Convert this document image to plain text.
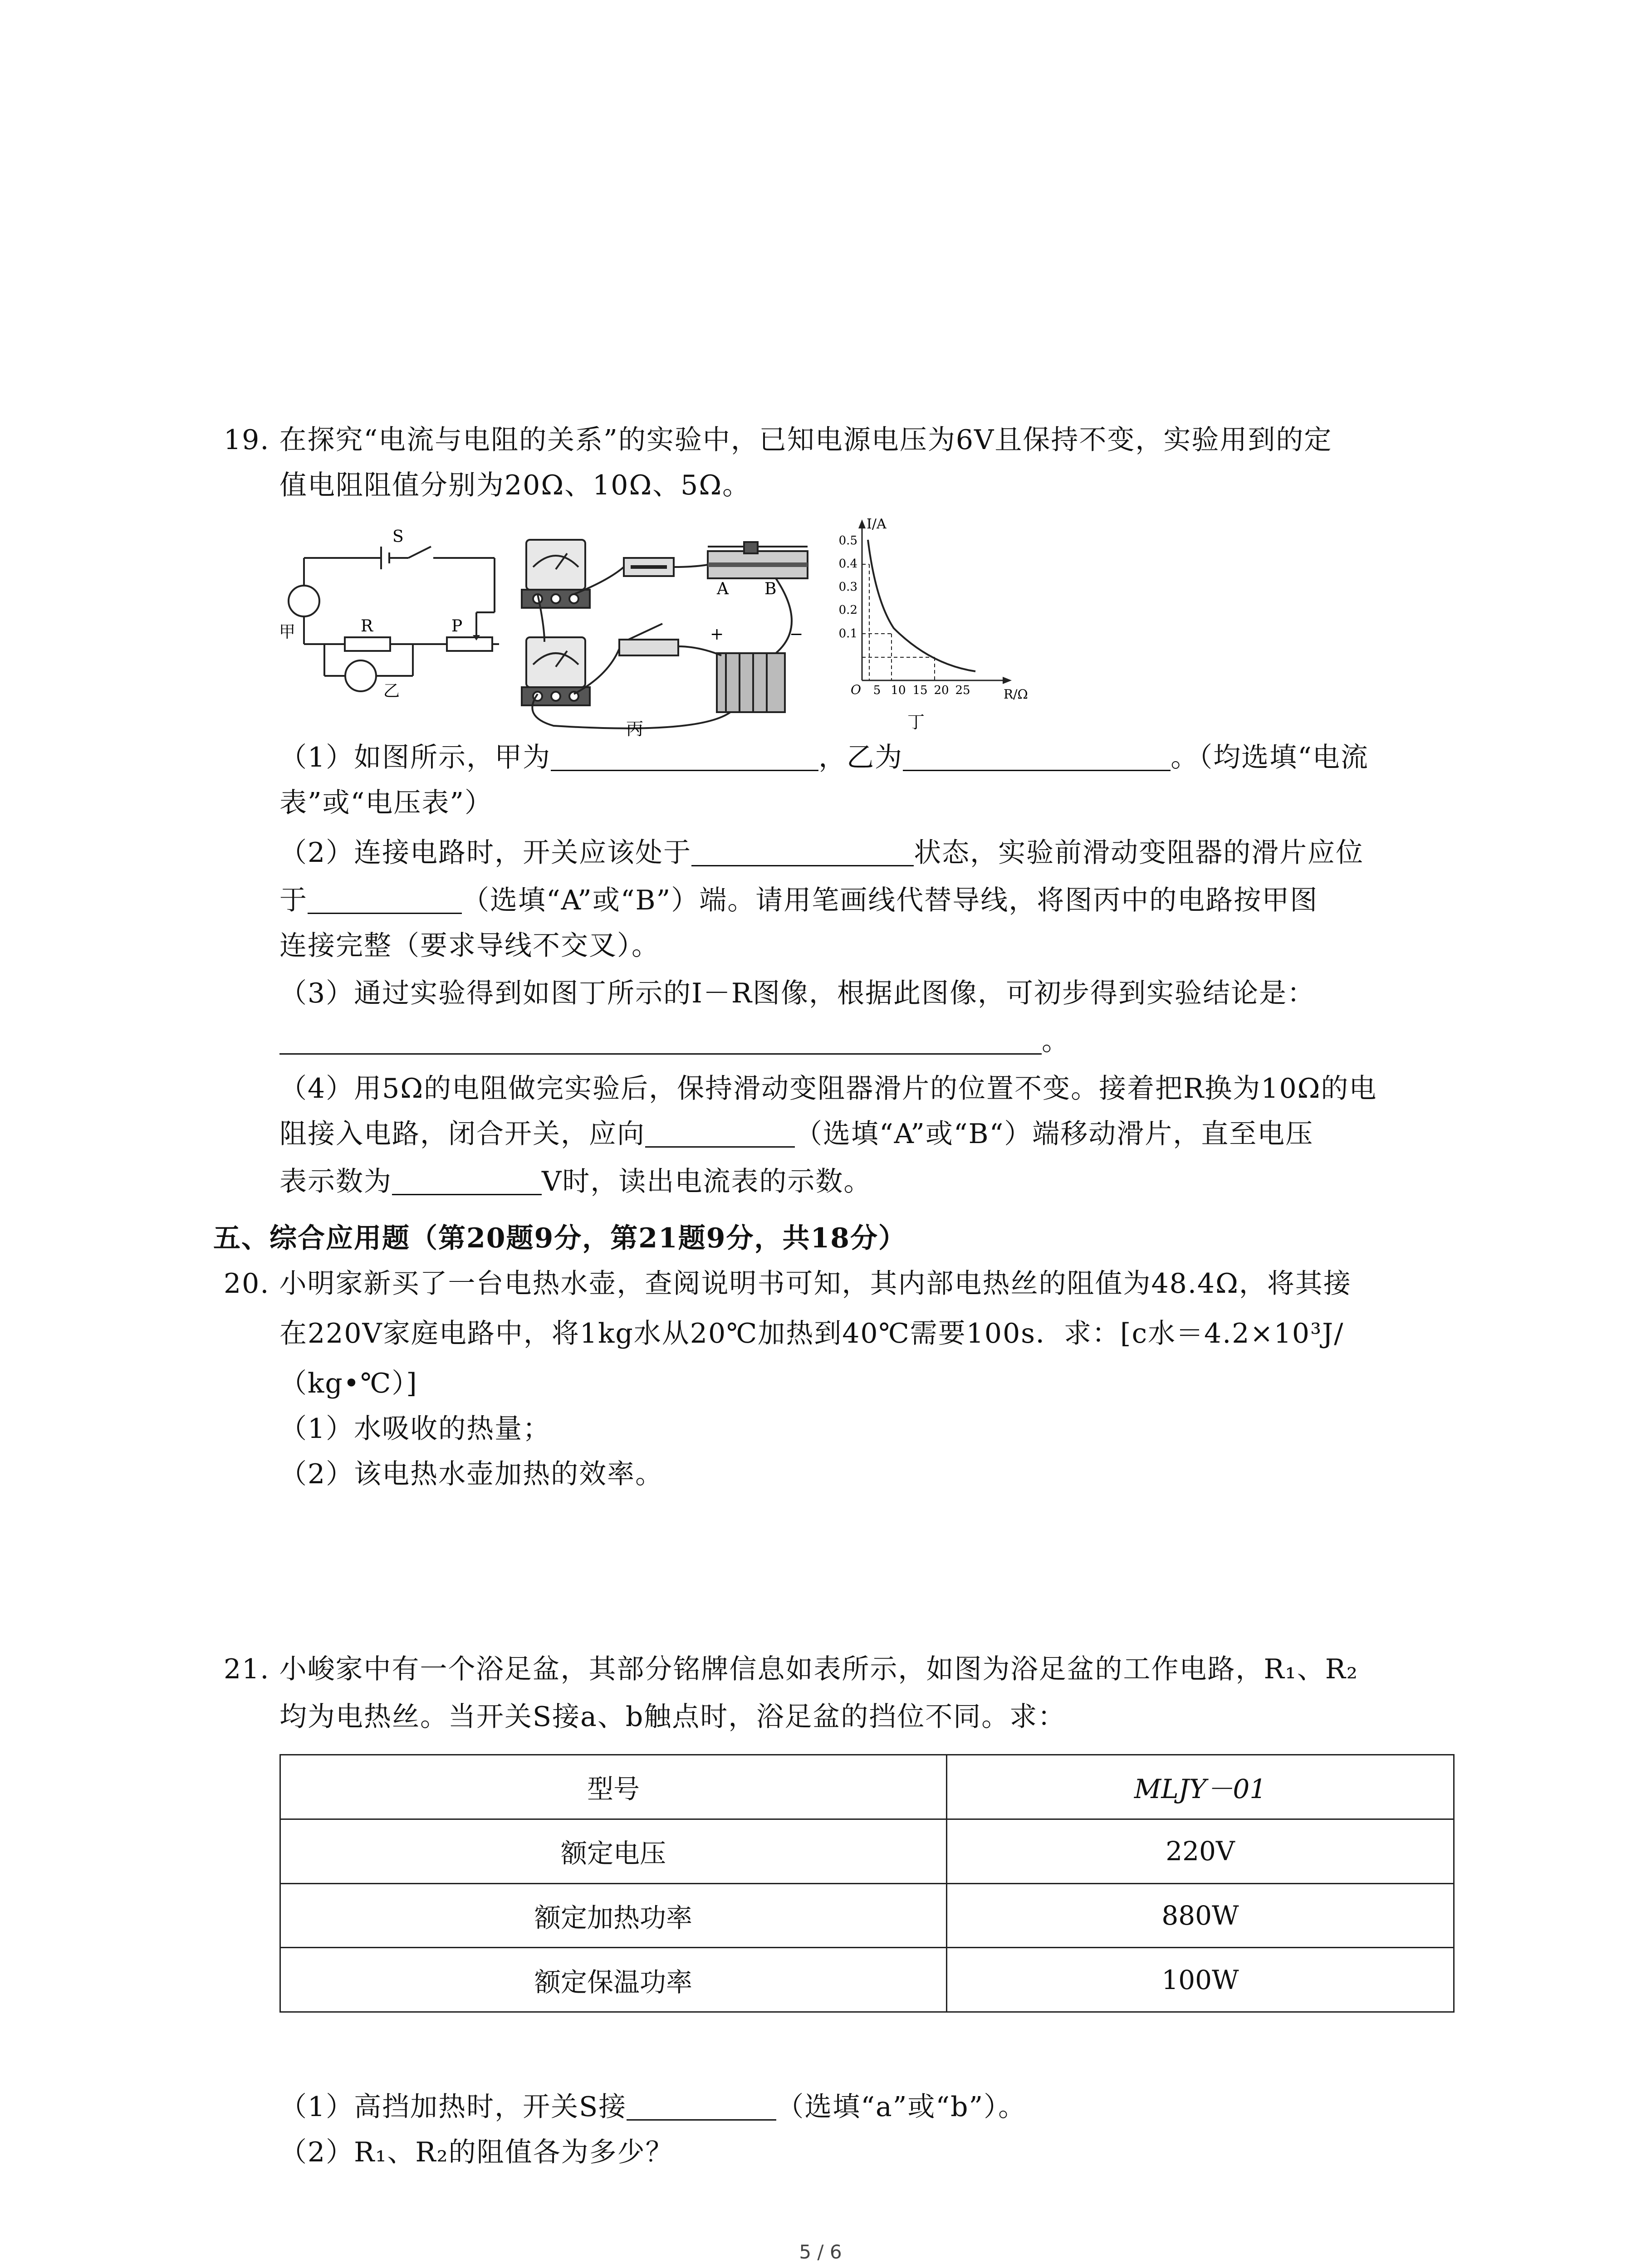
19. 在探究“电流与电阻的关系”的实验中，已知电源电压为6V且保持不变，实验用到的定
值电阻阻值分别为20Ω、10Ω、5Ω。
S
甲	R	P
乙
A B
+	−
丙
I/A
R/Ω
O
0.5
0.4
0.3
0.2
0.1
5 10 15 20 25
丁
（1）如图所示，甲为	，乙为	。（均选填“电流
表”或“电压表”）
（2）连接电路时，开关应该处于	状态，实验前滑动变阻器的滑片应位
于	（选填“A”或“B”）端。请用笔画线代替导线，将图丙中的电路按甲图
连接完整（要求导线不交叉）。
（3）通过实验得到如图丁所示的I－R图像，根据此图像，可初步得到实验结论是：
。
（4）用5Ω的电阻做完实验后，保持滑动变阻器滑片的位置不变。接着把R换为10Ω的电
阻接入电路，闭合开关，应向	（选填“A”或“B“）端移动滑片，直至电压
表示数为	V时，读出电流表的示数。
五、综合应用题（第20题9分，第21题9分，共18分）
20. 小明家新买了一台电热水壶，查阅说明书可知，其内部电热丝的阻值为48.4Ω，将其接
在220V家庭电路中，将1kg水从20℃加热到40℃需要100s．求：[c水＝4.2×10³J/
（kg•℃）]
（1）水吸收的热量；
（2）该电热水壶加热的效率。
21. 小峻家中有一个浴足盆，其部分铭牌信息如表所示，如图为浴足盆的工作电路，R₁、R₂
均为电热丝。当开关S接a、b触点时，浴足盆的挡位不同。求：
型号	MLJY－01
额定电压	220V
额定加热功率	880W
额定保温功率	100W
（1）高挡加热时，开关S接	（选填“a”或“b”）。
（2）R₁、R₂的阻值各为多少？
5 / 6
